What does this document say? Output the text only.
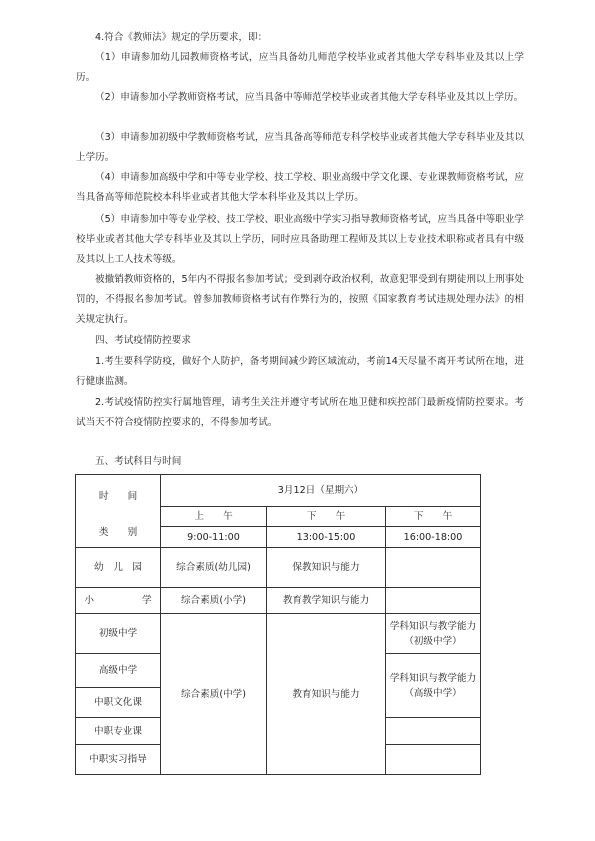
4.符合《教师法》规定的学历要求，即：

（1）申请参加幼儿园教师资格考试，应当具备幼儿师范学校毕业或者其他大学专科毕业及其以上学历。

（2）申请参加小学教师资格考试，应当具备中等师范学校毕业或者其他大学专科毕业及其以上学历。

（3）申请参加初级中学教师资格考试，应当具备高等师范专科学校毕业或者其他大学专科毕业及其以上学历。

（4）申请参加高级中学和中等专业学校、技工学校、职业高级中学文化课、专业课教师资格考试，应当具备高等师范院校本科毕业或者其他大学本科毕业及其以上学历。

（5）申请参加中等专业学校、技工学校、职业高级中学实习指导教师资格考试，应当具备中等职业学校毕业或者其他大学专科毕业及其以上学历，同时应具备助理工程师及其以上专业技术职称或者具有中级及其以上工人技术等级。

被撤销教师资格的，5年内不得报名参加考试；受到剥夺政治权利，故意犯罪受到有期徒刑以上刑事处罚的，不得报名参加考试。曾参加教师资格考试有作弊行为的，按照《国家教育考试违规处理办法》的相关规定执行。

四、考试疫情防控要求

1.考生要科学防疫，做好个人防护，备考期间减少跨区域流动，考前14天尽量不离开考试所在地，进行健康监测。

2.考试疫情防控实行属地管理，请考生关注并遵守考试所在地卫健和疾控部门最新疫情防控要求。考试当天不符合疫情防控要求的，不得参加考试。

五、考试科目与时间

时　　间
类　　别	3月12日（星期六）		
	上　　午	下　　午	下　　午
	9:00-11:00	13:00-15:00	16:00-18:00
幼　儿　园	综合素质(幼儿园)	保教知识与能力	
小　　　　　学	综合素质(小学)	教育教学知识与能力	
初级中学	综合素质(中学)	教育知识与能力	学科知识与教学能力（初级中学）
高级中学			学科知识与教学能力（高级中学）
中职文化课			
中职专业课			
中职实习指导			
